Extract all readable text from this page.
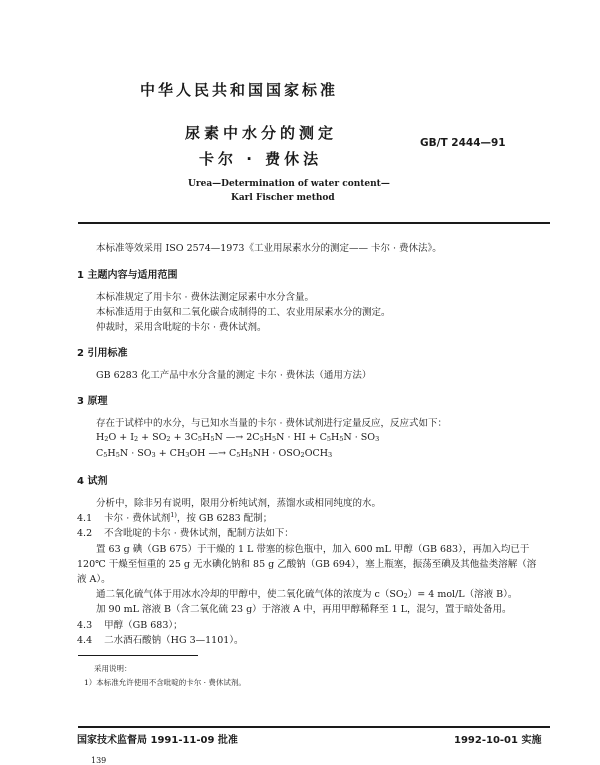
中华人民共和国国家标准
尿素中水分的测定
卡尔 · 费休法
GB/T 2444—91
Urea—Determination of water content—
Karl Fischer method
本标准等效采用 ISO 2574—1973《工业用尿素水分的测定—— 卡尔 · 费休法》。
1 主题内容与适用范围
本标准规定了用卡尔 · 费休法测定尿素中水分含量。
本标准适用于由氨和二氧化碳合成制得的工、农业用尿素水分的测定。
仲裁时，采用含吡啶的卡尔 · 费休试剂。
2 引用标准
GB 6283 化工产品中水分含量的测定 卡尔 · 费休法（通用方法）
3 原理
存在于试样中的水分，与已知水当量的卡尔 · 费休试剂进行定量反应，反应式如下：
$H_2O + I_2 + SO_2 + 3C_5H_5N$ —→ $2C_5H_5N$ · HI + $C_5H_5N \cdot SO_3$
$C_5H_5N \cdot SO_3 + CH_3OH$ —→ $C_5H_5NH \cdot OSO_2OCH_3$
4 试剂
分析中，除非另有说明，限用分析纯试剂，蒸馏水或相同纯度的水。
4.1 卡尔 · 费休试剂$^{1)}$，按 GB 6283 配制；
4.2 不含吡啶的卡尔 · 费休试剂，配制方法如下：
置 63 g 碘（GB 675）于干燥的 1 L 带塞的棕色瓶中，加入 600 mL 甲醇（GB 683），再加入均已于
120℃ 干燥至恒重的 25 g 无水碘化钠和 85 g 乙酸钠（GB 694），塞上瓶塞，振荡至碘及其他盐类溶解（溶
液 A）。
通二氧化硫气体于用冰水冷却的甲醇中，使二氧化硫气体的浓度为 $c(SO_2)= 4$ mol/L（溶液 B）。
加 90 mL 溶液 B（含二氧化硫 23 g）于溶液 A 中，再用甲醇稀释至 1 L，混匀，置于暗处备用。
4.3 甲醇（GB 683）；
4.4 二水酒石酸钠（HG 3—1101）。
采用说明：
1）本标准允许使用不含吡啶的卡尔 · 费休试剂。
国家技术监督局 1991-11-09 批准	1992-10-01 实施
139
